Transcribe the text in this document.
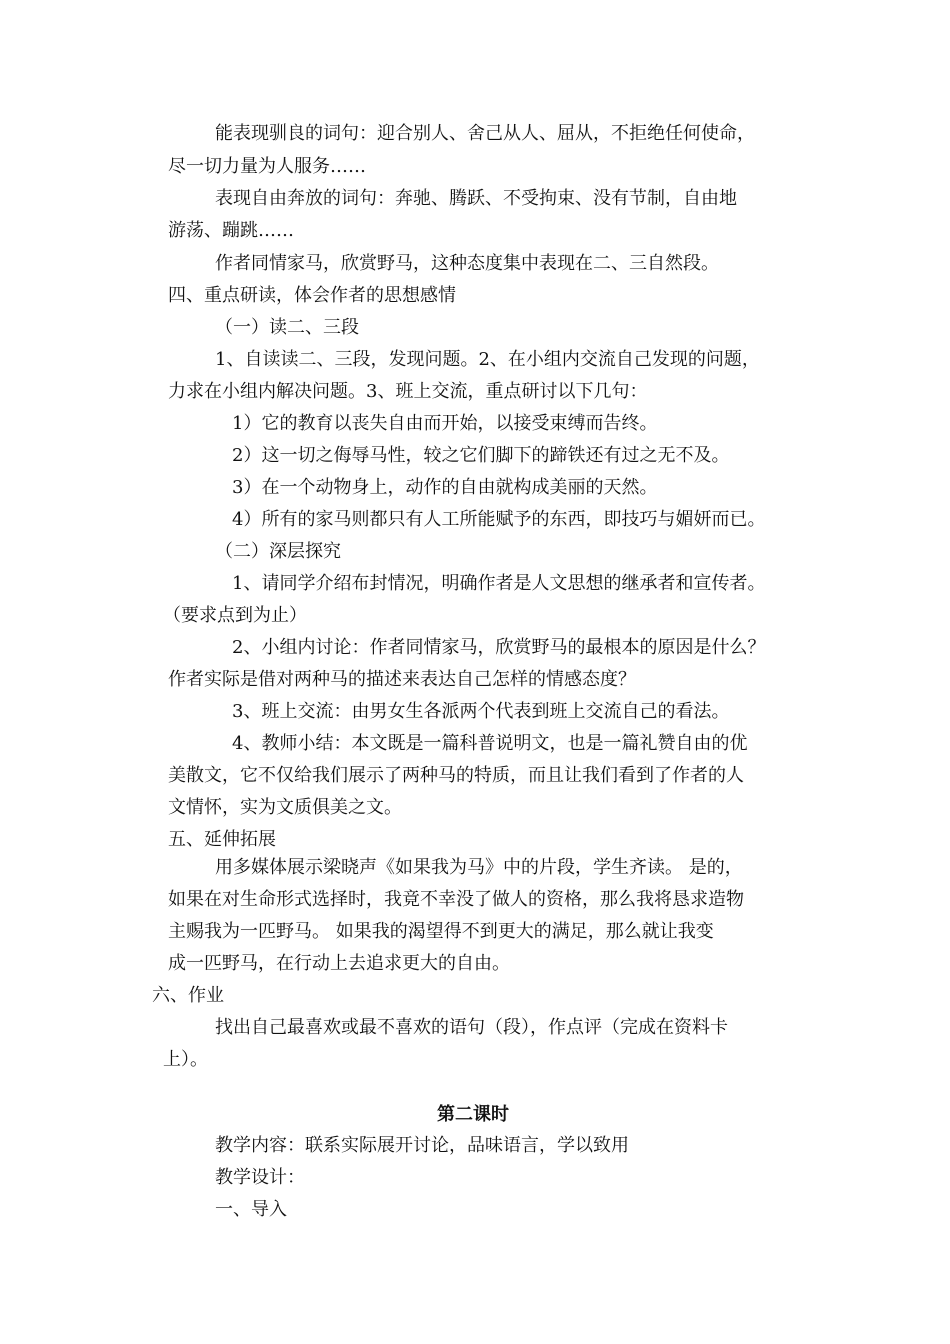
能表现驯良的词句：迎合别人、舍己从人、屈从，不拒绝任何使命，
尽一切力量为人服务……
表现自由奔放的词句：奔驰、腾跃、不受拘束、没有节制，自由地
游荡、蹦跳……
作者同情家马，欣赏野马，这种态度集中表现在二、三自然段。
四、重点研读，体会作者的思想感情
（一）读二、三段
1、自读读二、三段，发现问题。2、在小组内交流自己发现的问题，
力求在小组内解决问题。3、班上交流，重点研讨以下几句：
1）它的教育以丧失自由而开始，以接受束缚而告终。
2）这一切之侮辱马性，较之它们脚下的蹄铁还有过之无不及。
3）在一个动物身上，动作的自由就构成美丽的天然。
4）所有的家马则都只有人工所能赋予的东西，即技巧与媚妍而已。
（二）深层探究
1、请同学介绍布封情况，明确作者是人文思想的继承者和宣传者。
（要求点到为止）
2、小组内讨论：作者同情家马，欣赏野马的最根本的原因是什么？
作者实际是借对两种马的描述来表达自己怎样的情感态度？
3、班上交流：由男女生各派两个代表到班上交流自己的看法。
4、教师小结：本文既是一篇科普说明文，也是一篇礼赞自由的优
美散文，它不仅给我们展示了两种马的特质，而且让我们看到了作者的人
文情怀，实为文质俱美之文。
五、延伸拓展
用多媒体展示梁晓声《如果我为马》中的片段，学生齐读。 是的，
如果在对生命形式选择时，我竟不幸没了做人的资格，那么我将恳求造物
主赐我为一匹野马。 如果我的渴望得不到更大的满足，那么就让我变
成一匹野马，在行动上去追求更大的自由。
六、作业
找出自己最喜欢或最不喜欢的语句（段），作点评（完成在资料卡
上）。
第二课时
教学内容：联系实际展开讨论，品味语言，学以致用
教学设计：
一、导入
